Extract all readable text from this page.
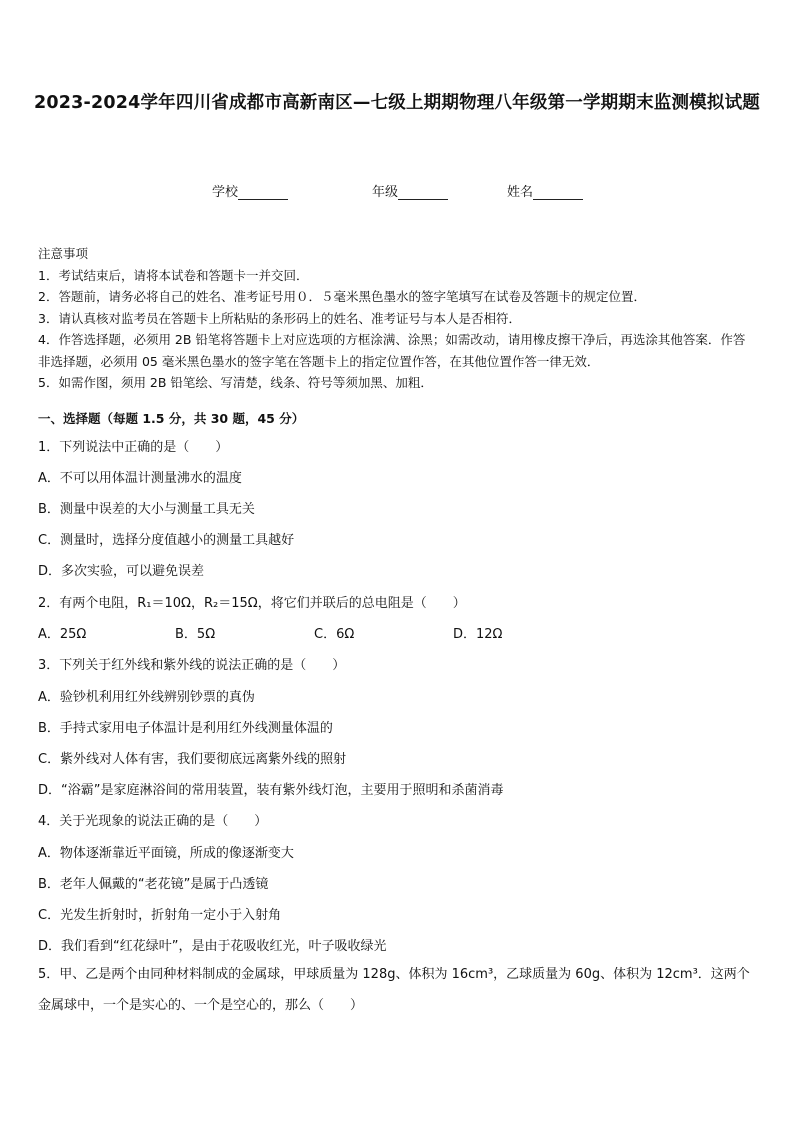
2023-2024学年四川省成都市高新南区—七级上期期物理八年级第一学期期末监测模拟试题
学校	年级	姓名

注意事项

1．考试结束后，请将本试卷和答题卡一并交回．

2．答题前，请务必将自己的姓名、准考证号用０．５毫米黑色墨水的签字笔填写在试卷及答题卡的规定位置．

3．请认真核对监考员在答题卡上所粘贴的条形码上的姓名、准考证号与本人是否相符．

4．作答选择题，必须用 2B 铅笔将答题卡上对应选项的方框涂满、涂黑；如需改动，请用橡皮擦干净后，再选涂其他答案．作答非选择题，必须用 05 毫米黑色墨水的签字笔在答题卡上的指定位置作答，在其他位置作答一律无效．

5．如需作图，须用 2B 铅笔绘、写清楚，线条、符号等须加黑、加粗．

一、选择题（每题 1.5 分，共 30 题，45 分）
1．下列说法中正确的是（　　）
A．不可以用体温计测量沸水的温度
B．测量中误差的大小与测量工具无关
C．测量时，选择分度值越小的测量工具越好
D．多次实验，可以避免误差
2．有两个电阻，R₁＝10Ω，R₂＝15Ω，将它们并联后的总电阻是（　　）
A．25Ω	B．5Ω	C．6Ω	D．12Ω
3．下列关于红外线和紫外线的说法正确的是（　　）
A．验钞机利用红外线辨别钞票的真伪
B．手持式家用电子体温计是利用红外线测量体温的
C．紫外线对人体有害，我们要彻底远离紫外线的照射
D．“浴霸”是家庭淋浴间的常用装置，装有紫外线灯泡，主要用于照明和杀菌消毒
4．关于光现象的说法正确的是（　　）
A．物体逐渐靠近平面镜，所成的像逐渐变大
B．老年人佩戴的“老花镜”是属于凸透镜
C．光发生折射时，折射角一定小于入射角
D．我们看到“红花绿叶”，是由于花吸收红光，叶子吸收绿光
5．甲、乙是两个由同种材料制成的金属球，甲球质量为 128g、体积为 16cm³，乙球质量为 60g、体积为 12cm³．这两个金属球中，一个是实心的、一个是空心的，那么（　　）
